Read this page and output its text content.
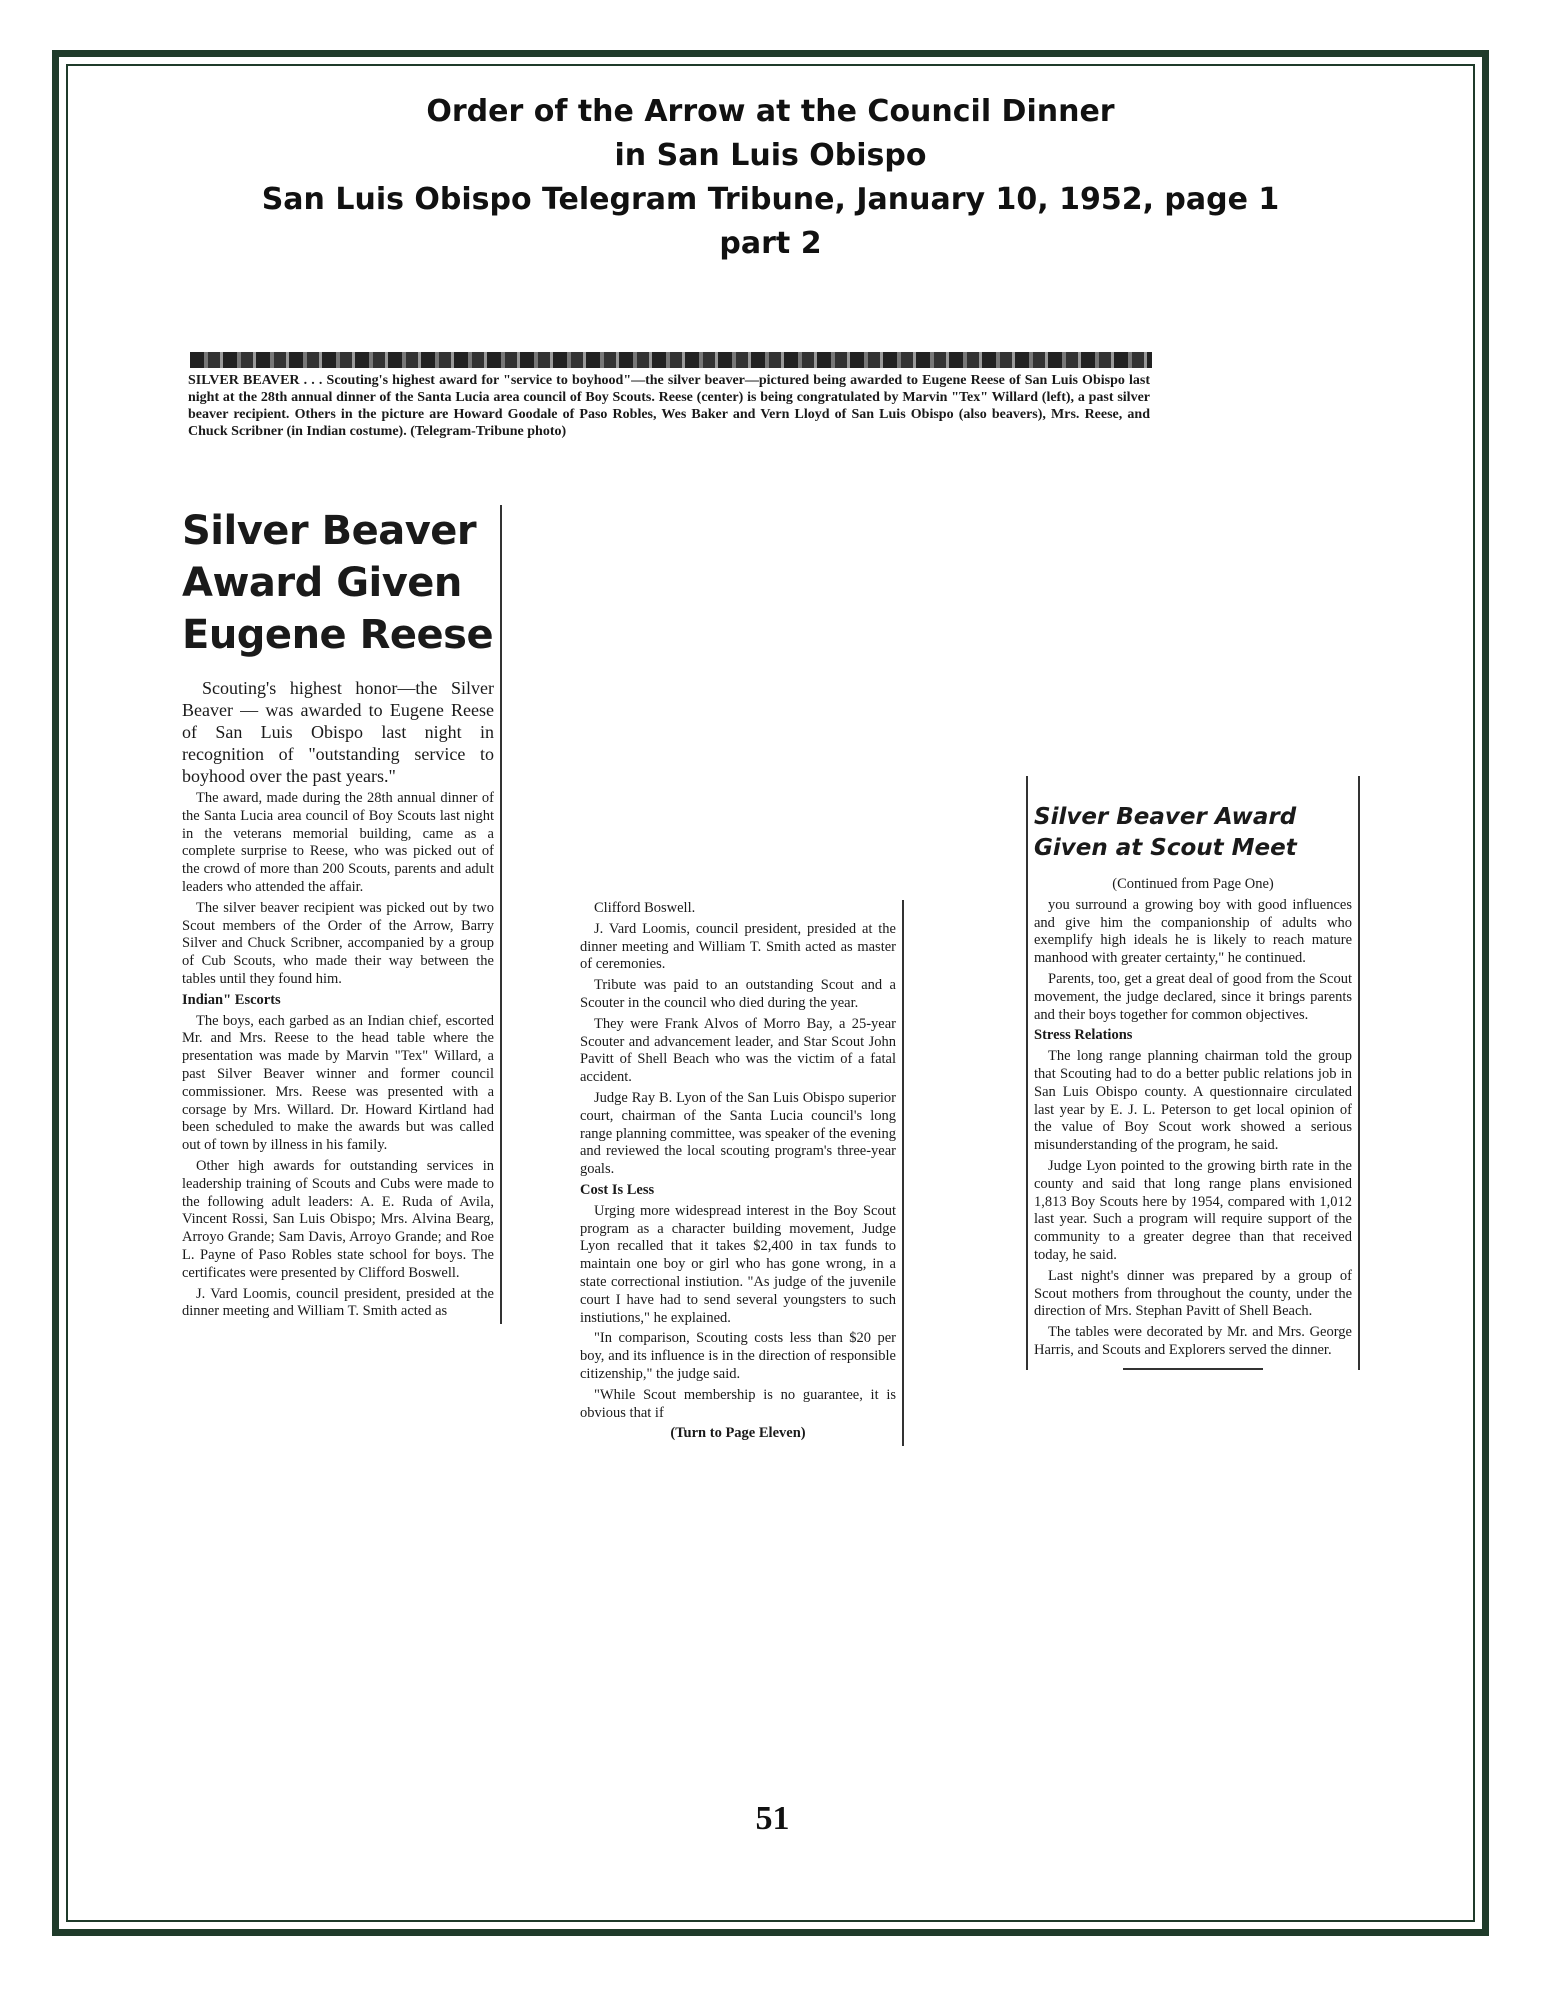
Order of the Arrow at the Council Dinner
in San Luis Obispo
San Luis Obispo Telegram Tribune, January 10, 1952, page 1
part 2
SILVER BEAVER . . . Scouting's highest award for "service to boyhood"—the silver beaver—pictured being awarded to Eugene Reese of San Luis Obispo last night at the 28th annual dinner of the Santa Lucia area council of Boy Scouts. Reese (center) is being congratulated by Marvin "Tex" Willard (left), a past silver beaver recipient. Others in the picture are Howard Goodale of Paso Robles, Wes Baker and Vern Lloyd of San Luis Obispo (also beavers), Mrs. Reese, and Chuck Scribner (in Indian costume). (Telegram-Tribune photo)
Silver Beaver
Award Given
Eugene Reese

Scouting's highest honor—the Silver Beaver — was awarded to Eugene Reese of San Luis Obispo last night in recognition of "outstanding service to boyhood over the past years."

The award, made during the 28th annual dinner of the Santa Lucia area council of Boy Scouts last night in the veterans memorial building, came as a complete surprise to Reese, who was picked out of the crowd of more than 200 Scouts, parents and adult leaders who attended the affair.

The silver beaver recipient was picked out by two Scout members of the Order of the Arrow, Barry Silver and Chuck Scribner, accompanied by a group of Cub Scouts, who made their way between the tables until they found him.

Indian" Escorts

The boys, each garbed as an Indian chief, escorted Mr. and Mrs. Reese to the head table where the presentation was made by Marvin "Tex" Willard, a past Silver Beaver winner and former council commissioner. Mrs. Reese was presented with a corsage by Mrs. Willard. Dr. Howard Kirtland had been scheduled to make the awards but was called out of town by illness in his family.

Other high awards for outstanding services in leadership training of Scouts and Cubs were made to the following adult leaders: A. E. Ruda of Avila, Vincent Rossi, San Luis Obispo; Mrs. Alvina Bearg, Arroyo Grande; Sam Davis, Arroyo Grande; and Roe L. Payne of Paso Robles state school for boys. The certificates were presented by Clifford Boswell.

J. Vard Loomis, council president, presided at the dinner meeting and William T. Smith acted as

Clifford Boswell.

J. Vard Loomis, council president, presided at the dinner meeting and William T. Smith acted as master of ceremonies.

Tribute was paid to an outstanding Scout and a Scouter in the council who died during the year.

They were Frank Alvos of Morro Bay, a 25-year Scouter and advancement leader, and Star Scout John Pavitt of Shell Beach who was the victim of a fatal accident.

Judge Ray B. Lyon of the San Luis Obispo superior court, chairman of the Santa Lucia council's long range planning committee, was speaker of the evening and reviewed the local scouting program's three-year goals.

Cost Is Less

Urging more widespread interest in the Boy Scout program as a character building movement, Judge Lyon recalled that it takes $2,400 in tax funds to maintain one boy or girl who has gone wrong, in a state correctional instiution. "As judge of the juvenile court I have had to send several youngsters to such instiutions," he explained.

"In comparison, Scouting costs less than $20 per boy, and its influence is in the direction of responsible citizenship," the judge said.

"While Scout membership is no guarantee, it is obvious that if

(Turn to Page Eleven)

Silver Beaver Award
Given at Scout Meet

(Continued from Page One)

you surround a growing boy with good influences and give him the companionship of adults who exemplify high ideals he is likely to reach mature manhood with greater certainty," he continued.

Parents, too, get a great deal of good from the Scout movement, the judge declared, since it brings parents and their boys together for common objectives.

Stress Relations

The long range planning chairman told the group that Scouting had to do a better public relations job in San Luis Obispo county. A questionnaire circulated last year by E. J. L. Peterson to get local opinion of the value of Boy Scout work showed a serious misunderstanding of the program, he said.

Judge Lyon pointed to the growing birth rate in the county and said that long range plans envisioned 1,813 Boy Scouts here by 1954, compared with 1,012 last year. Such a program will require support of the community to a greater degree than that received today, he said.

Last night's dinner was prepared by a group of Scout mothers from throughout the county, under the direction of Mrs. Stephan Pavitt of Shell Beach.

The tables were decorated by Mr. and Mrs. George Harris, and Scouts and Explorers served the dinner.

51
